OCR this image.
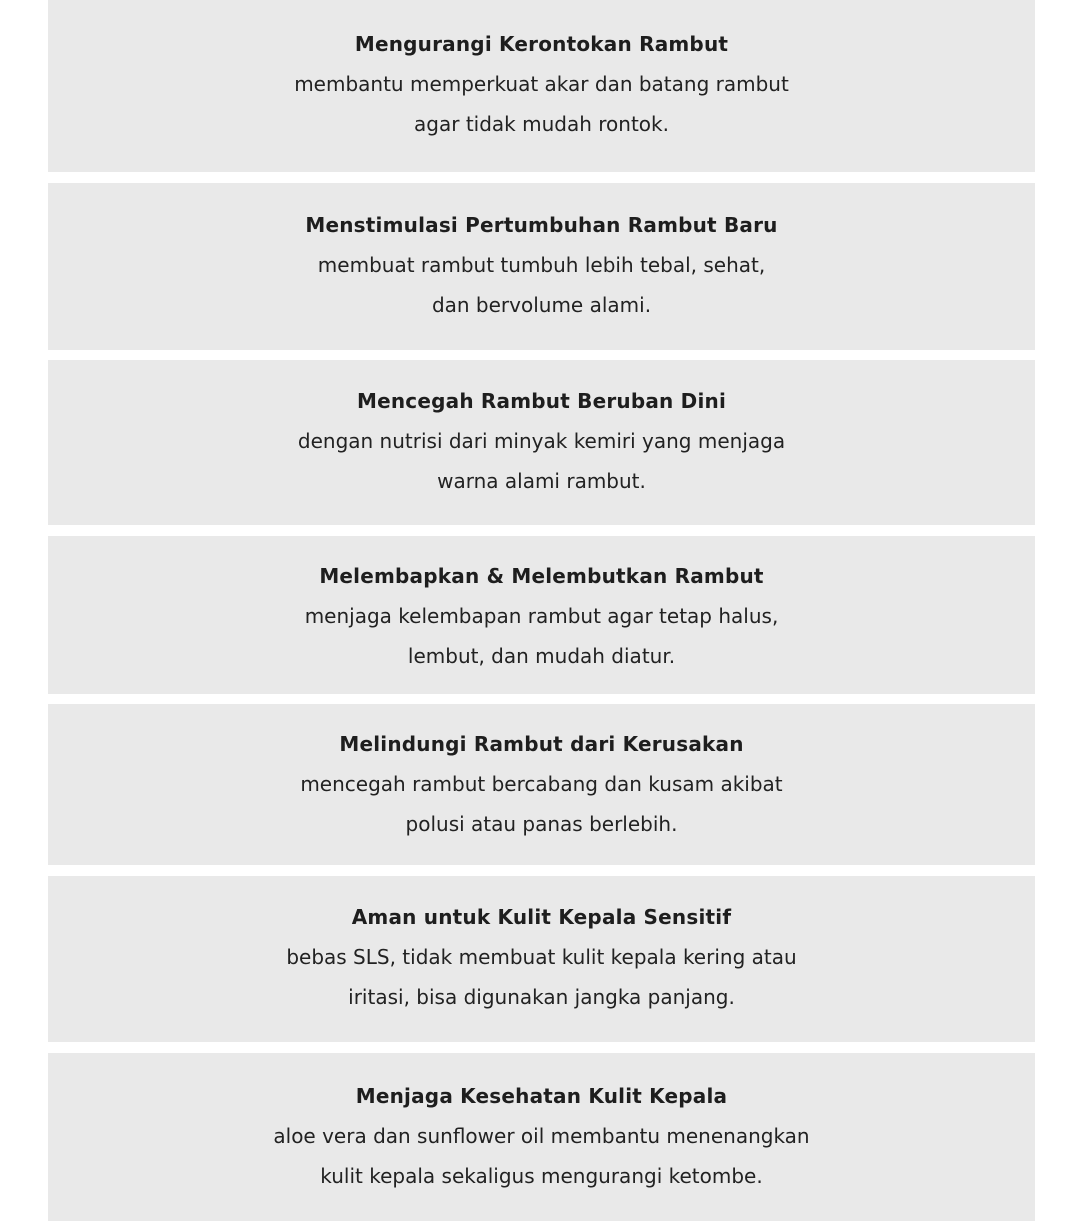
Mengurangi Kerontokan Rambut
membantu memperkuat akar dan batang rambut
agar tidak mudah rontok.
Menstimulasi Pertumbuhan Rambut Baru
membuat rambut tumbuh lebih tebal, sehat,
dan bervolume alami.
Mencegah Rambut Beruban Dini
dengan nutrisi dari minyak kemiri yang menjaga
warna alami rambut.
Melembapkan & Melembutkan Rambut
menjaga kelembapan rambut agar tetap halus,
lembut, dan mudah diatur.
Melindungi Rambut dari Kerusakan
mencegah rambut bercabang dan kusam akibat
polusi atau panas berlebih.
Aman untuk Kulit Kepala Sensitif
bebas SLS, tidak membuat kulit kepala kering atau
iritasi, bisa digunakan jangka panjang.
Menjaga Kesehatan Kulit Kepala
aloe vera dan sunflower oil membantu menenangkan
kulit kepala sekaligus mengurangi ketombe.
